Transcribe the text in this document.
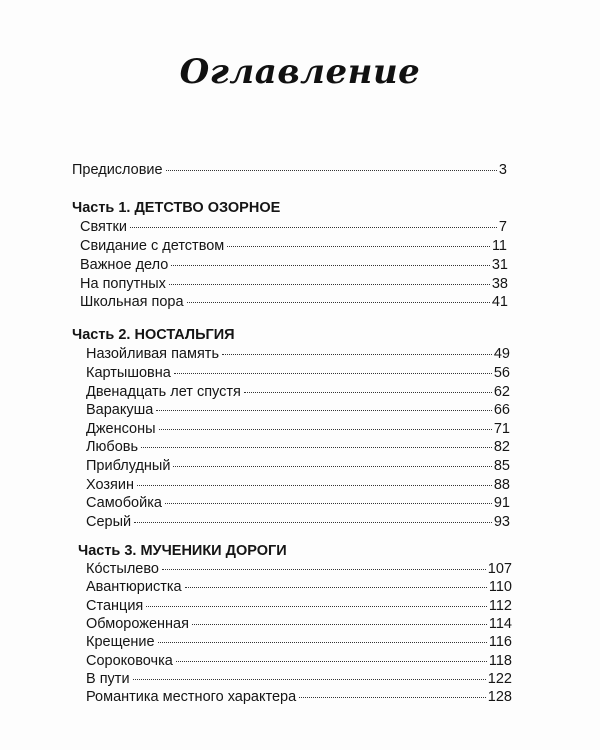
Оглавление
Предисловие	3
Часть 1. ДЕТСТВО ОЗОРНОЕ
Святки	7
Свидание с детством	11
Важное дело	31
На попутных	38
Школьная пора	41
Часть 2. НОСТАЛЬГИЯ
Назойливая память	49
Картышовна	56
Двенадцать лет спустя	62
Варакуша	66
Дженсоны	71
Любовь	82
Приблудный	85
Хозяин	88
Самобойка	91
Серый	93
Часть 3. МУЧЕНИКИ ДОРОГИ
Ко́стылево	107
Авантюристка	110
Станция	112
Обмороженная	114
Крещение	116
Сороковочка	118
В пути	122
Романтика местного характера	128
